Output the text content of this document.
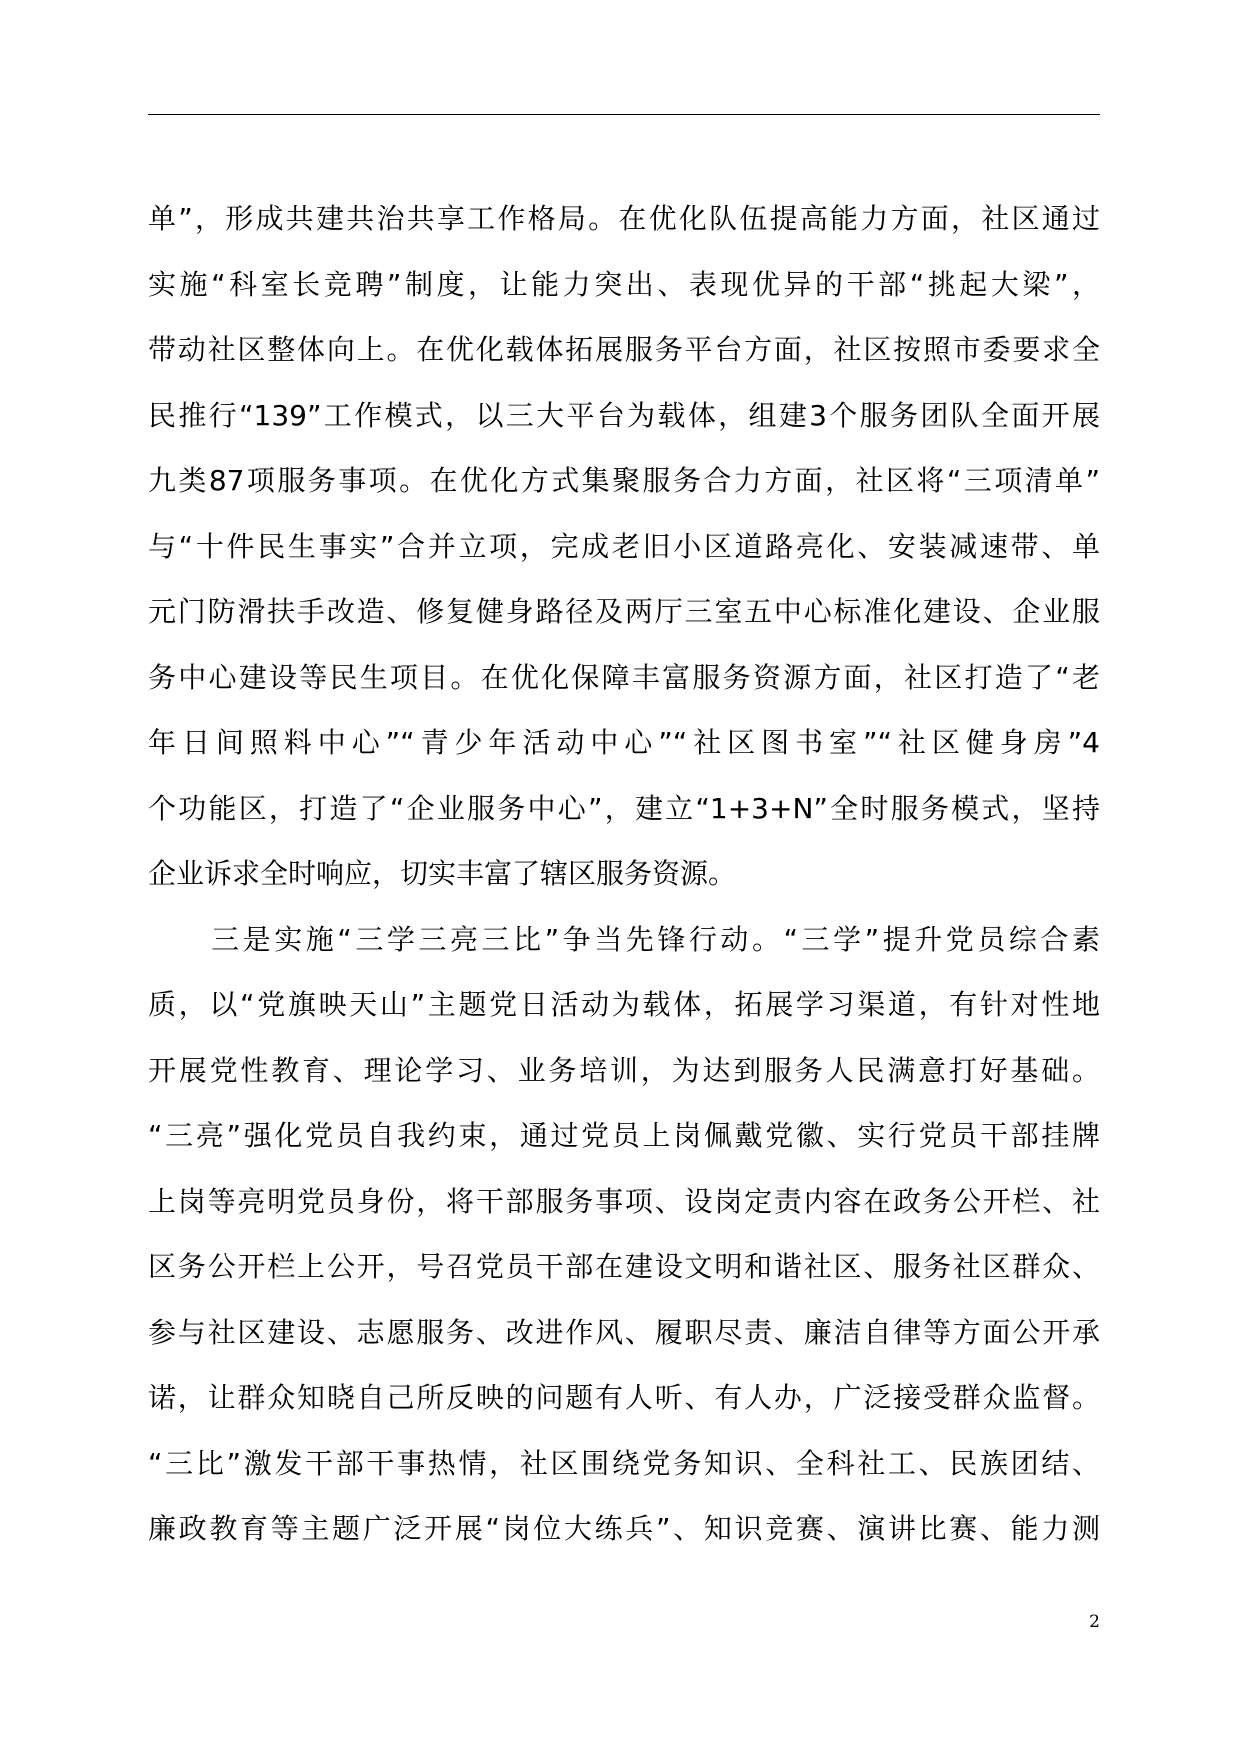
单”，形成共建共治共享工作格局。在优化队伍提高能力方面，社区通过
实施“科室长竞聘”制度，让能力突出、表现优异的干部“挑起大梁”，
带动社区整体向上。在优化载体拓展服务平台方面，社区按照市委要求全
民推行“139”工作模式，以三大平台为载体，组建3个服务团队全面开展
九类87项服务事项。在优化方式集聚服务合力方面，社区将“三项清单”
与“十件民生事实”合并立项，完成老旧小区道路亮化、安装减速带、单
元门防滑扶手改造、修复健身路径及两厅三室五中心标准化建设、企业服
务中心建设等民生项目。在优化保障丰富服务资源方面，社区打造了“老
年日间照料中心”“青少年活动中心”“社区图书室”“社区健身房”4
个功能区，打造了“企业服务中心”，建立“1+3+N”全时服务模式，坚持
企业诉求全时响应，切实丰富了辖区服务资源。
　　三是实施“三学三亮三比”争当先锋行动。“三学”提升党员综合素
质，以“党旗映天山”主题党日活动为载体，拓展学习渠道，有针对性地
开展党性教育、理论学习、业务培训，为达到服务人民满意打好基础。
“三亮”强化党员自我约束，通过党员上岗佩戴党徽、实行党员干部挂牌
上岗等亮明党员身份，将干部服务事项、设岗定责内容在政务公开栏、社
区务公开栏上公开，号召党员干部在建设文明和谐社区、服务社区群众、
参与社区建设、志愿服务、改进作风、履职尽责、廉洁自律等方面公开承
诺，让群众知晓自己所反映的问题有人听、有人办，广泛接受群众监督。
“三比”激发干部干事热情，社区围绕党务知识、全科社工、民族团结、
廉政教育等主题广泛开展“岗位大练兵”、知识竞赛、演讲比赛、能力测
2
